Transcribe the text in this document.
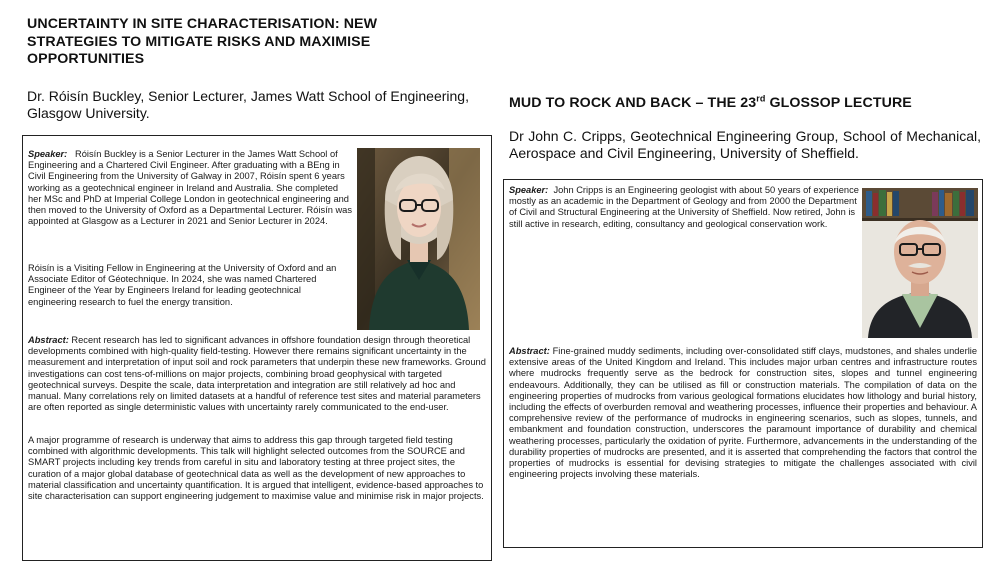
UNCERTAINTY IN SITE CHARACTERISATION: NEW STRATEGIES TO MITIGATE RISKS AND MAXIMISE OPPORTUNITIES
Dr. Róisín Buckley, Senior Lecturer, James Watt School of Engineering, Glasgow University.

Speaker: Róisín Buckley is a Senior Lecturer in the James Watt School of Engineering and a Chartered Civil Engineer. After graduating with a BEng in Civil Engineering from the University of Galway in 2007, Róisín spent 6 years working as a geotechnical engineer in Ireland and Australia. She completed her MSc and PhD at Imperial College London in geotechnical engineering and then moved to the University of Oxford as a Departmental Lecturer. Róisín was appointed at Glasgow as a Lecturer in 2021 and Senior Lecturer in 2024.

Róisín is a Visiting Fellow in Engineering at the University of Oxford and an Associate Editor of Géotechnique. In 2024, she was named Chartered Engineer of the Year by Engineers Ireland for leading geotechnical engineering research to fuel the energy transition.

Abstract: Recent research has led to significant advances in offshore foundation design through theoretical developments combined with high-quality field-testing. However there remains significant uncertainty in the measurement and interpretation of input soil and rock parameters that underpin these new frameworks. Ground investigations can cost tens-of-millions on major projects, combining broad geophysical with targeted geotechnical surveys. Despite the scale, data interpretation and integration are still relatively ad hoc and manual. Many correlations rely on limited datasets at a handful of reference test sites and material parameters are often reported as single deterministic values with uncertainty rarely communicated to the end-user.

A major programme of research is underway that aims to address this gap through targeted field testing combined with algorithmic developments. This talk will highlight selected outcomes from the SOURCE and SMART projects including key trends from careful in situ and laboratory testing at three project sites, the curation of a major global database of geotechnical data as well as the development of new approaches to material classification and uncertainty quantification. It is argued that intelligent, evidence-based approaches to site characterisation can support engineering judgement to maximise value and minimise risk in major projects.

MUD TO ROCK AND BACK – THE 23rd GLOSSOP LECTURE
Dr John C. Cripps, Geotechnical Engineering Group, School of Mechanical, Aerospace and Civil Engineering, University of Sheffield.

Speaker: John Cripps is an Engineering geologist with about 50 years of experience mostly as an academic in the Department of Geology and from 2000 the Department of Civil and Structural Engineering at the University of Sheffield. Now retired, John is still active in research, editing, consultancy and geological conservation work.

Abstract: Fine-grained muddy sediments, including over-consolidated stiff clays, mudstones, and shales underlie extensive areas of the United Kingdom and Ireland. This includes major urban centres and infrastructure routes where mudrocks frequently serve as the bedrock for construction sites, slopes and tunnel engineering endeavours. Additionally, they can be utilised as fill or construction materials. The compilation of data on the engineering properties of mudrocks from various geological formations elucidates how lithology and burial history, including the effects of overburden removal and weathering processes, influence their properties and behaviour. A comprehensive review of the performance of mudrocks in engineering scenarios, such as slopes, tunnels, and embankment and foundation construction, underscores the paramount importance of durability and chemical weathering processes, particularly the oxidation of pyrite. Furthermore, advancements in the understanding of the durability properties of mudrocks are presented, and it is asserted that comprehending the factors that control the properties of mudrocks is essential for devising strategies to mitigate the challenges associated with civil engineering projects involving these materials.
